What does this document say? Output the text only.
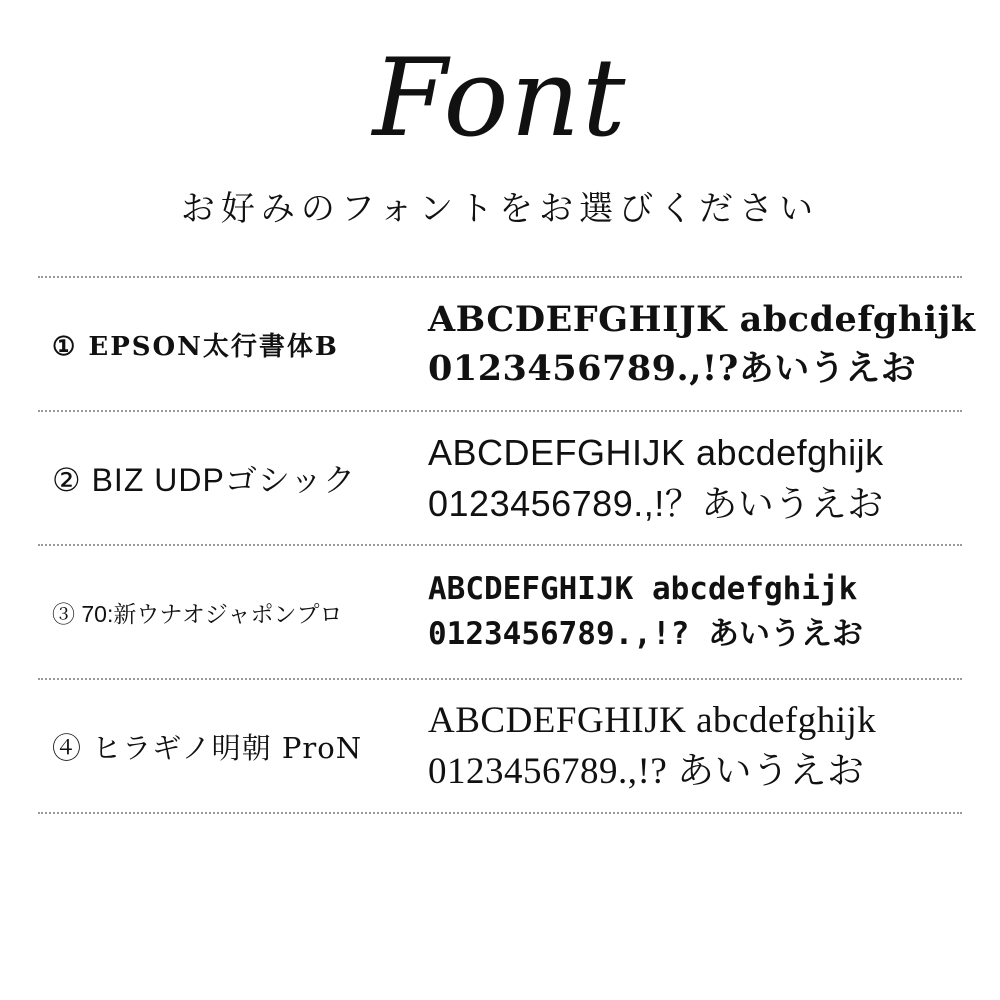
Font
お好みのフォントをお選びください
① EPSON太行書体B
ABCDEFGHIJK abcdefghijk
0123456789.,!?あいうえお
② BIZ UDPゴシック
ABCDEFGHIJK abcdefghijk
0123456789.,!？あいうえお
③ 70:新ウナオジャポンプロ
ABCDEFGHIJK abcdefghijk
0123456789.,!? あいうえお
④ ヒラギノ明朝 ProN
ABCDEFGHIJK abcdefghijk
0123456789.,!? あいうえお
